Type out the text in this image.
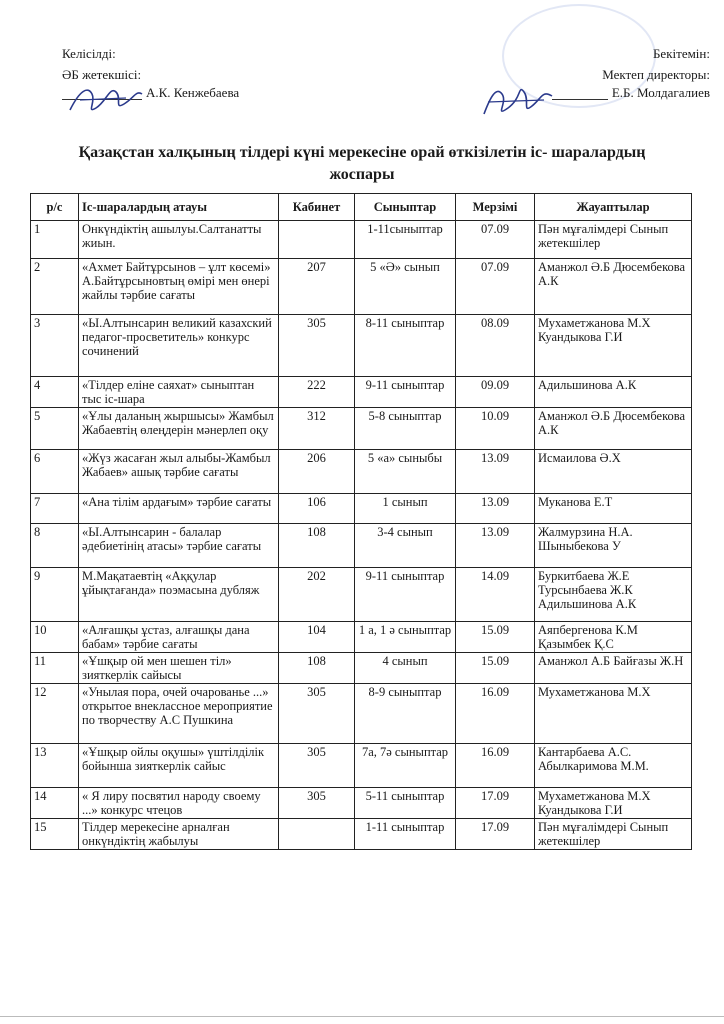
Келісілді:
ӘБ жетекшісі:
А.К. Кенжебаева
Бекітемін:
Мектеп директоры:
Е.Б. Молдагалиев
Қазақстан халқының тілдері күні мерекесіне орай өткізілетін іс- шаралардың жоспары
р/с	Іс-шаралардың атауы	Кабинет	Сыныптар	Мерзімі	Жауаптылар
1	Онкүндіктің ашылуы.Салтанатты жиын.		1-11сыныптар	07.09	Пән мұғалімдері Сынып жетекшілер
2	«Ахмет Байтұрсынов – ұлт көсемі» А.Байтұрсыновтың өмірі мен өнері жайлы тәрбие сағаты	207	5 «Ә» сынып	07.09	Аманжол Ә.Б Дюсембекова А.К
3	«Ы.Алтынсарин великий казахский педагог-просветитель» конкурс сочинений	305	8-11 сыныптар	08.09	Мухаметжанова М.Х Куандыкова Г.И
4	«Тілдер еліне саяхат» сыныптан тыс іс-шара	222	9-11 сыныптар	09.09	Адильшинова А.К
5	«Ұлы даланың жыршысы» Жамбыл Жабаевтің өлеңдерін мәнерлеп оқу	312	5-8 сыныптар	10.09	Аманжол Ә.Б Дюсембекова А.К
6	«Жүз жасаған жыл алыбы-Жамбыл Жабаев» ашық тәрбие сағаты	206	5 «а» сыныбы	13.09	Исмаилова Ә.Х
7	«Ана тілім ардағым» тәрбие сағаты	106	1 сынып	13.09	Муканова Е.Т
8	«Ы.Алтынсарин - балалар әдебиетінің атасы» тәрбие сағаты	108	3-4 сынып	13.09	Жалмурзина Н.А. Шыныбекова У
9	М.Мақатаевтің «Аққулар ұйықтағанда» поэмасына дубляж	202	9-11 сыныптар	14.09	Буркитбаева Ж.Е Турсынбаева Ж.К Адильшинова А.К
10	«Алғашқы ұстаз, алғашқы дана бабам» тәрбие сағаты	104	1 а, 1 ә сыныптар	15.09	Аяпбергенова К.М Қазымбек Қ.С
11	«Ұшқыр ой мен шешен тіл» зияткерлік сайысы	108	4 сынып	15.09	Аманжол А.Б Байғазы Ж.Н
12	«Унылая пора, очей очарованье ...» открытое внеклассное мероприятие по творчеству А.С Пушкина	305	8-9 сыныптар	16.09	Мухаметжанова М.Х
13	«Ұшқыр ойлы оқушы» үштілділік бойынша зияткерлік сайыс	305	7а, 7ә сыныптар	16.09	Кантарбаева А.С. Абылкаримова М.М.
14	« Я лиру посвятил народу своему ...» конкурс чтецов	305	5-11 сыныптар	17.09	Мухаметжанова М.Х Куандыкова Г.И
15	Тілдер мерекесіне арналған онкүндіктің жабылуы		1-11 сыныптар	17.09	Пән мұғалімдері Сынып жетекшілер
